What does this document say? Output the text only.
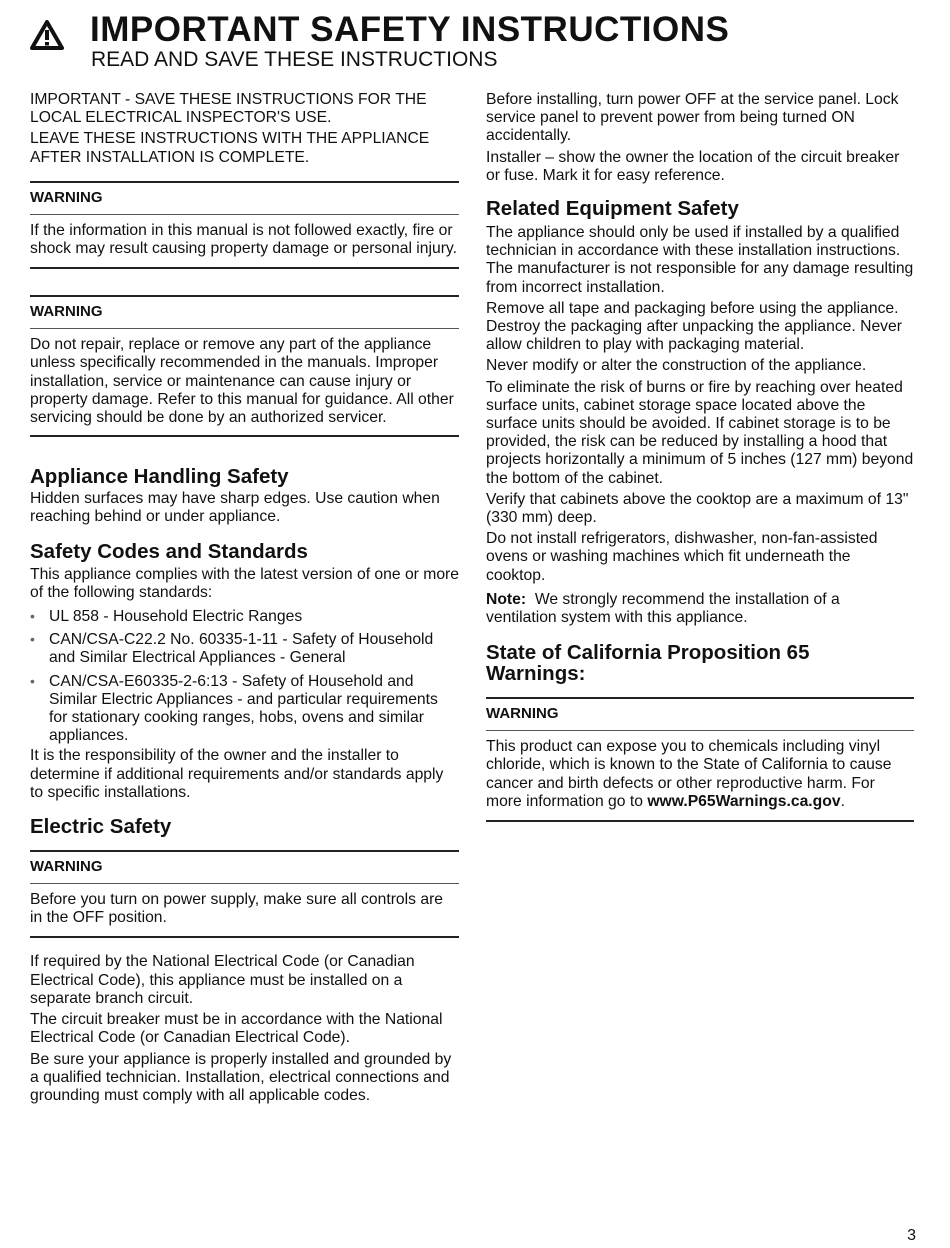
IMPORTANT SAFETY INSTRUCTIONS
READ AND SAVE THESE INSTRUCTIONS

IMPORTANT - SAVE THESE INSTRUCTIONS FOR THE LOCAL ELECTRICAL INSPECTOR'S USE.

LEAVE THESE INSTRUCTIONS WITH THE APPLIANCE AFTER INSTALLATION IS COMPLETE.

WARNING

If the information in this manual is not followed exactly, fire or shock may result causing property damage or personal injury.

WARNING

Do not repair, replace or remove any part of the appliance unless specifically recommended in the manuals. Improper installation, service or maintenance can cause injury or property damage. Refer to this manual for guidance. All other servicing should be done by an authorized servicer.

Appliance Handling Safety

Hidden surfaces may have sharp edges. Use caution when reaching behind or under appliance.

Safety Codes and Standards

This appliance complies with the latest version of one or more of the following standards:

• UL 858 - Household Electric Ranges

• CAN/CSA-C22.2 No. 60335-1-11 - Safety of Household and Similar Electrical Appliances - General

• CAN/CSA-E60335-2-6:13 - Safety of Household and Similar Electric Appliances - and particular requirements for stationary cooking ranges, hobs, ovens and similar appliances.

It is the responsibility of the owner and the installer to determine if additional requirements and/or standards apply to specific installations.

Electric Safety
WARNING

Before you turn on power supply, make sure all controls are in the OFF position.

If required by the National Electrical Code (or Canadian Electrical Code), this appliance must be installed on a separate branch circuit.

The circuit breaker must be in accordance with the National Electrical Code (or Canadian Electrical Code).

Be sure your appliance is properly installed and grounded by a qualified technician. Installation, electrical connections and grounding must comply with all applicable codes.

Before installing, turn power OFF at the service panel. Lock service panel to prevent power from being turned ON accidentally.

Installer – show the owner the location of the circuit breaker or fuse. Mark it for easy reference.

Related Equipment Safety

The appliance should only be used if installed by a qualified technician in accordance with these installation instructions. The manufacturer is not responsible for any damage resulting from incorrect installation.

Remove all tape and packaging before using the appliance. Destroy the packaging after unpacking the appliance. Never allow children to play with packaging material.

Never modify or alter the construction of the appliance.

To eliminate the risk of burns or fire by reaching over heated surface units, cabinet storage space located above the surface units should be avoided. If cabinet storage is to be provided, the risk can be reduced by installing a hood that projects horizontally a minimum of 5 inches (127 mm) beyond the bottom of the cabinet.

Verify that cabinets above the cooktop are a maximum of 13" (330 mm) deep.

Do not install refrigerators, dishwasher, non-fan-assisted ovens or washing machines which fit underneath the cooktop.

Note: We strongly recommend the installation of a ventilation system with this appliance.

State of California Proposition 65 Warnings:
WARNING

This product can expose you to chemicals including vinyl chloride, which is known to the State of California to cause cancer and birth defects or other reproductive harm. For more information go to www.P65Warnings.ca.gov.

3
